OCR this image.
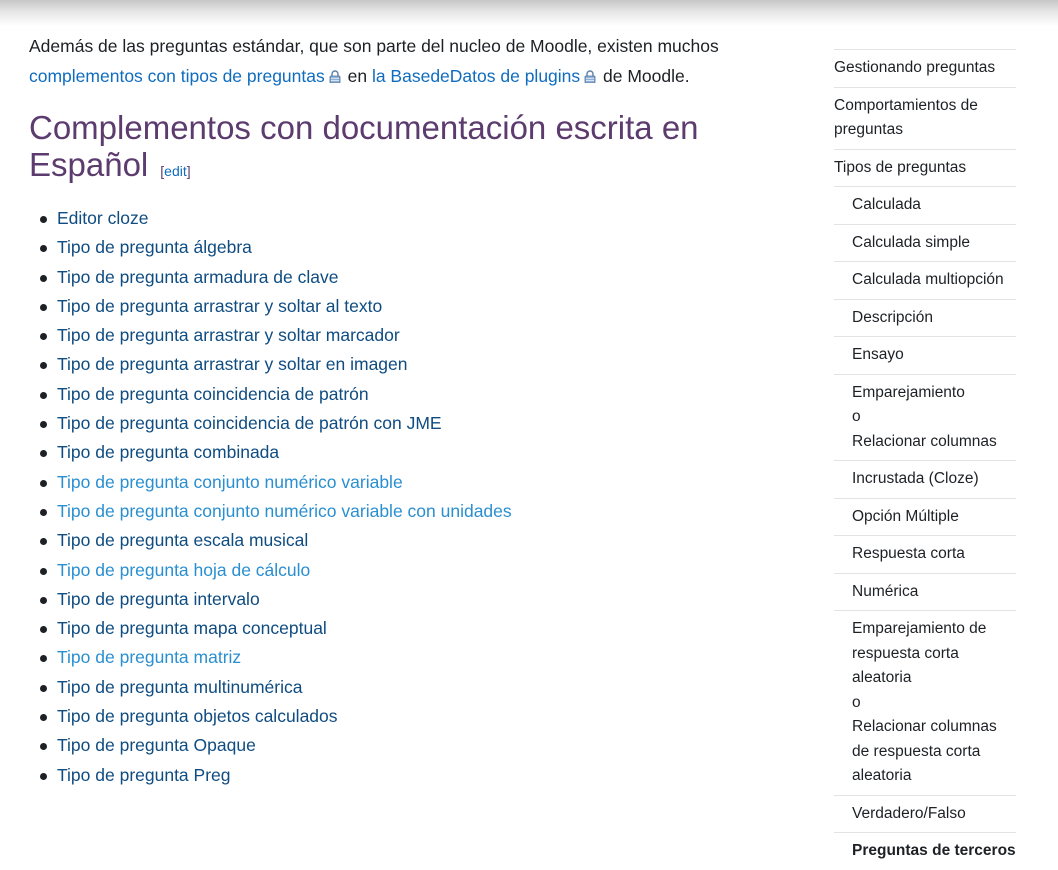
Además de las preguntas estándar, que son parte del nucleo de Moodle, existen muchos
complementos con tipos de preguntas en la BasedeDatos de plugins de Moodle.

Complementos con documentación escrita en Español [edit]
Editor cloze
Tipo de pregunta álgebra
Tipo de pregunta armadura de clave
Tipo de pregunta arrastrar y soltar al texto
Tipo de pregunta arrastrar y soltar marcador
Tipo de pregunta arrastrar y soltar en imagen
Tipo de pregunta coincidencia de patrón
Tipo de pregunta coincidencia de patrón con JME
Tipo de pregunta combinada
Tipo de pregunta conjunto numérico variable
Tipo de pregunta conjunto numérico variable con unidades
Tipo de pregunta escala musical
Tipo de pregunta hoja de cálculo
Tipo de pregunta intervalo
Tipo de pregunta mapa conceptual
Tipo de pregunta matriz
Tipo de pregunta multinumérica
Tipo de pregunta objetos calculados
Tipo de pregunta Opaque
Tipo de pregunta Preg
Gestionando preguntas
Comportamientos de
preguntas
Tipos de preguntas
Calculada
Calculada simple
Calculada multiopción
Descripción
Ensayo
Emparejamiento
o
Relacionar columnas
Incrustada (Cloze)
Opción Múltiple
Respuesta corta
Numérica
Emparejamiento de
respuesta corta
aleatoria
o
Relacionar columnas
de respuesta corta
aleatoria
Verdadero/Falso
Preguntas de terceros
